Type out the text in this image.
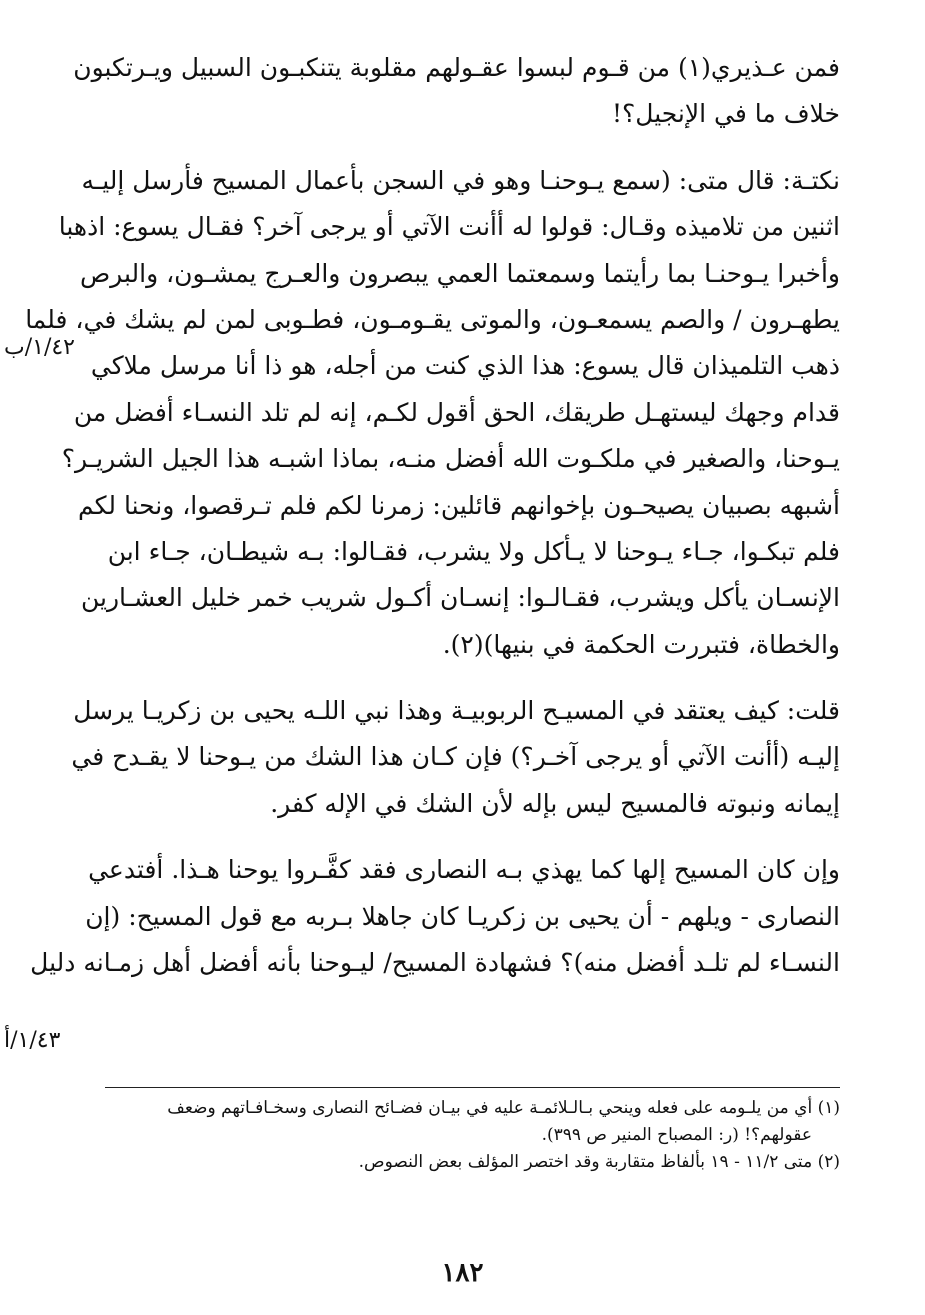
فمن عـذيري(١) من قـوم لبسوا عقـولهم مقلوبة يتنكبـون السبيل ويـرتكبون
خلاف ما في الإنجيل؟!

نكتـة: قال متى: (سمع يـوحنـا وهو في السجن بأعمال المسيح فأرسل إليـه
اثنين من تلاميذه وقـال: قولوا له أأنت الآتي أو يرجى آخر؟ فقـال يسوع: اذهبا
وأخبرا يـوحنـا بما رأيتما وسمعتما العمي يبصرون والعـرج يمشـون، والبرص
يطهـرون / والصم يسمعـون، والموتى يقـومـون، فطـوبى لمن لم يشك في، فلما
ذهب التلميذان قال يسوع: هذا الذي كنت من أجله، هو ذا أنا مرسل ملاكي
قدام وجهك ليستهـل طريقك، الحق أقول لكـم، إنه لم تلد النسـاء أفضل من
يـوحنا، والصغير في ملكـوت الله أفضل منـه، بماذا اشبـه هذا الجيل الشريـر؟
أشبهه بصبيان يصيحـون بإخوانهم قائلين: زمرنا لكم فلم تـرقصوا، ونحنا لكم
فلم تبكـوا، جـاء يـوحنا لا يـأكل ولا يشرب، فقـالوا: بـه شيطـان، جـاء ابن
الإنسـان يأكل ويشرب، فقـالـوا: إنسـان أكـول شريب خمر خليل العشـارين
والخطاة، فتبررت الحكمة في بنيها)(٢).

قلت: كيف يعتقد في المسيـح الربوبيـة وهذا نبي اللـه يحيى بن زكريـا يرسل
إليـه (أأنت الآتي أو يرجى آخـر؟) فإن كـان هذا الشك من يـوحنا لا يقـدح في
إيمانه ونبوته فالمسيح ليس بإله لأن الشك في الإله كفر.

وإن كان المسيح إلها كما يهذي بـه النصارى فقد كفَّـروا يوحنا هـذا. أفتدعي
النصارى - ويلهم - أن يحيى بن زكريـا كان جاهلا بـربه مع قول المسيح: (إن
النسـاء لم تلـد أفضل منه)؟ فشهادة المسيح/ ليـوحنا بأنه أفضل أهل زمـانه دليل

١/٤٢/ب
١/٤٣/أ
(١) أي من يلـومه على فعله وينحي بـالـلائمـة عليه في بيـان فضـائح النصارى وسخـافـاتهم وضعف
عقولهم؟! (ر: المصباح المنير ص ٣٩٩).
(٢) متى ١١/٢ - ١٩ بألفاظ متقاربة وقد اختصر المؤلف بعض النصوص.
١٨٢
